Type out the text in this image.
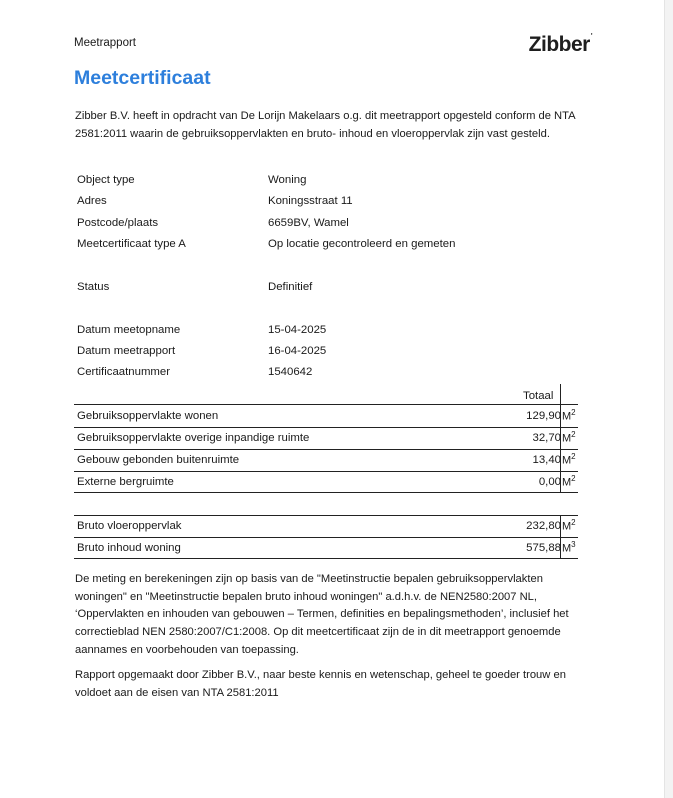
Meetrapport	Zibber'
Meetcertificaat
Zibber B.V. heeft in opdracht van De Lorijn Makelaars o.g. dit meetrapport opgesteld conform de NTA 2581:2011 waarin de gebruiksoppervlakten en bruto- inhoud en vloeroppervlak zijn vast gesteld.
Object type	Woning
Adres	Koningsstraat 11
Postcode/plaats	6659BV, Wamel
Meetcertificaat type A	Op locatie gecontroleerd en gemeten
Status	Definitief
Datum meetopname	15-04-2025
Datum meetrapport	16-04-2025
Certificaatnummer	1540642
Totaal
Gebruiksoppervlakte wonen	129,90 $M^2$
Gebruiksoppervlakte overige inpandige ruimte	32,70 $M^2$
Gebouw gebonden buitenruimte	13,40 $M^2$
Externe bergruimte	0,00 $M^2$
Bruto vloeroppervlak	232,80 $M^2$
Bruto inhoud woning	575,88 $M^3$
De meting en berekeningen zijn op basis van de "Meetinstructie bepalen gebruiksoppervlakten woningen" en "Meetinstructie bepalen bruto inhoud woningen" a.d.h.v. de NEN2580:2007 NL, ‘Oppervlakten en inhouden van gebouwen – Termen, definities en bepalingsmethoden’, inclusief het correctieblad NEN 2580:2007/C1:2008. Op dit meetcertificaat zijn de in dit meetrapport genoemde aannames en voorbehouden van toepassing.
Rapport opgemaakt door Zibber B.V., naar beste kennis en wetenschap, geheel te goeder trouw en voldoet aan de eisen van NTA 2581:2011
